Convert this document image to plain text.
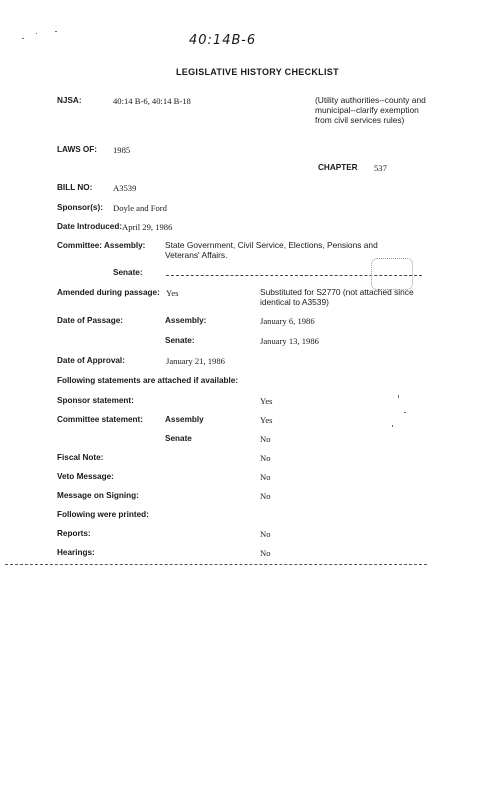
40:14B-6
LEGISLATIVE HISTORY CHECKLIST
NJSA:	40:14 B-6, 40:14 B-18	(Utility authorities--county and municipal--clarify exemption from civil services rules)
LAWS OF: 1985
CHAPTER 537
BILL NO: A3539
Sponsor(s): Doyle and Ford
Date Introduced: April 29, 1986
Committee: Assembly: State Government, Civil Service, Elections, Pensions and Veterans' Affairs.
Senate:
Amended during passage: Yes	Substituted for S2770 (not attached since identical to A3539)
Date of Passage:	Assembly:	January 6, 1986
Senate:	January 13, 1986
Date of Approval:	January 21, 1986
Following statements are attached if available:
Sponsor statement:	Yes
Committee statement:	Assembly	Yes
Senate	No
Fiscal Note:	No
Veto Message:	No
Message on Signing:	No
Following were printed:
Reports:	No
Hearings:	No
